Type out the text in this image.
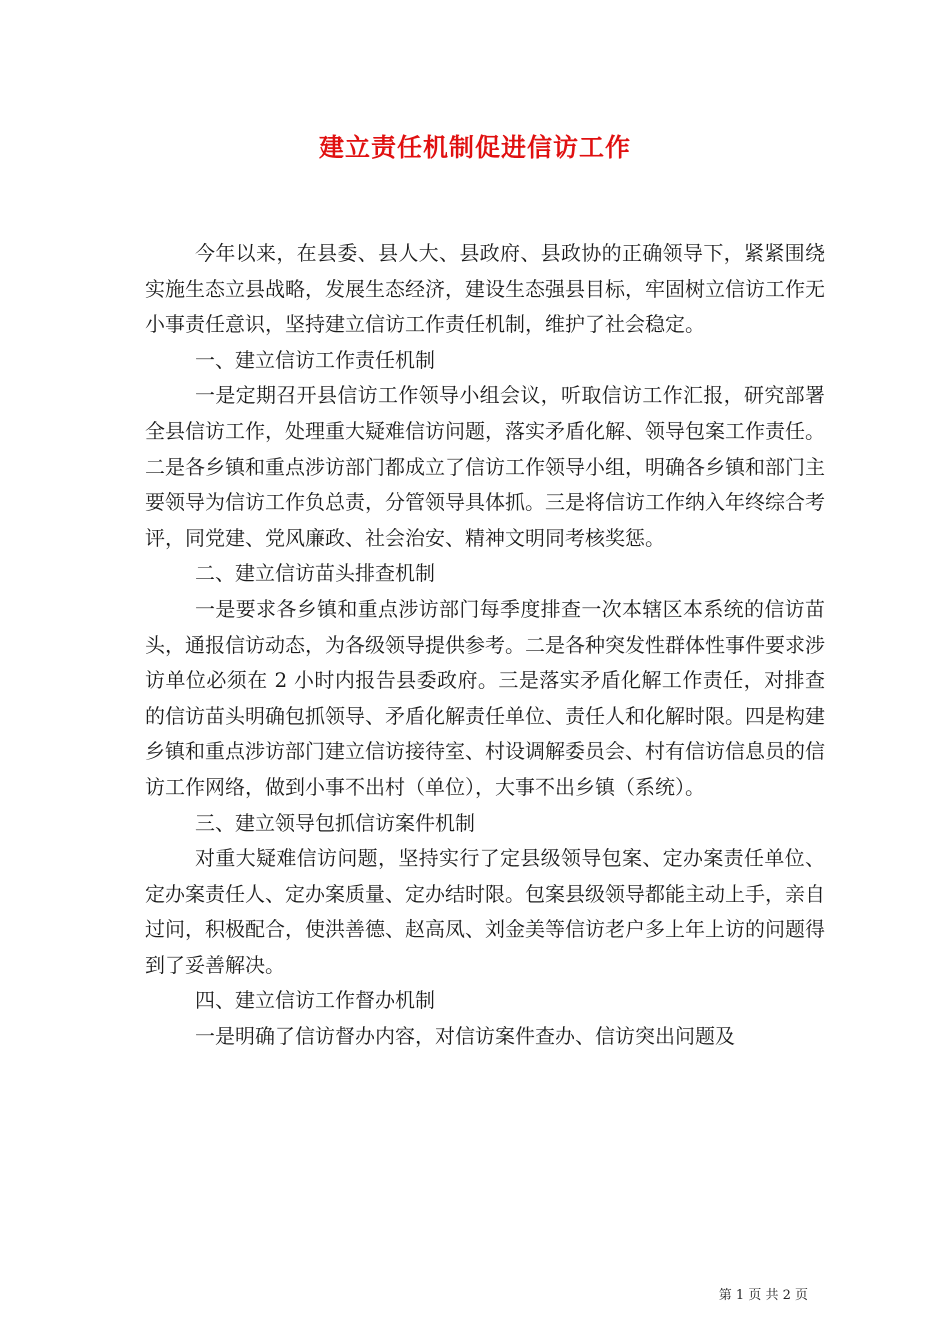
建立责任机制促进信访工作

今年以来，在县委、县人大、县政府、县政协的正确领导下，紧紧围绕实施生态立县战略，发展生态经济，建设生态强县目标，牢固树立信访工作无小事责任意识，坚持建立信访工作责任机制，维护了社会稳定。

一、建立信访工作责任机制

一是定期召开县信访工作领导小组会议，听取信访工作汇报，研究部署全县信访工作，处理重大疑难信访问题，落实矛盾化解、领导包案工作责任。二是各乡镇和重点涉访部门都成立了信访工作领导小组，明确各乡镇和部门主要领导为信访工作负总责，分管领导具体抓。三是将信访工作纳入年终综合考评，同党建、党风廉政、社会治安、精神文明同考核奖惩。

二、建立信访苗头排查机制

一是要求各乡镇和重点涉访部门每季度排查一次本辖区本系统的信访苗头，通报信访动态，为各级领导提供参考。二是各种突发性群体性事件要求涉访单位必须在 2 小时内报告县委政府。三是落实矛盾化解工作责任，对排查的信访苗头明确包抓领导、矛盾化解责任单位、责任人和化解时限。四是构建乡镇和重点涉访部门建立信访接待室、村设调解委员会、村有信访信息员的信访工作网络，做到小事不出村（单位），大事不出乡镇（系统）。

三、建立领导包抓信访案件机制

对重大疑难信访问题，坚持实行了定县级领导包案、定办案责任单位、定办案责任人、定办案质量、定办结时限。包案县级领导都能主动上手，亲自过问，积极配合，使洪善德、赵高凤、刘金美等信访老户多上年上访的问题得到了妥善解决。

四、建立信访工作督办机制

一是明确了信访督办内容，对信访案件查办、信访突出问题及

第 1 页 共 2 页
